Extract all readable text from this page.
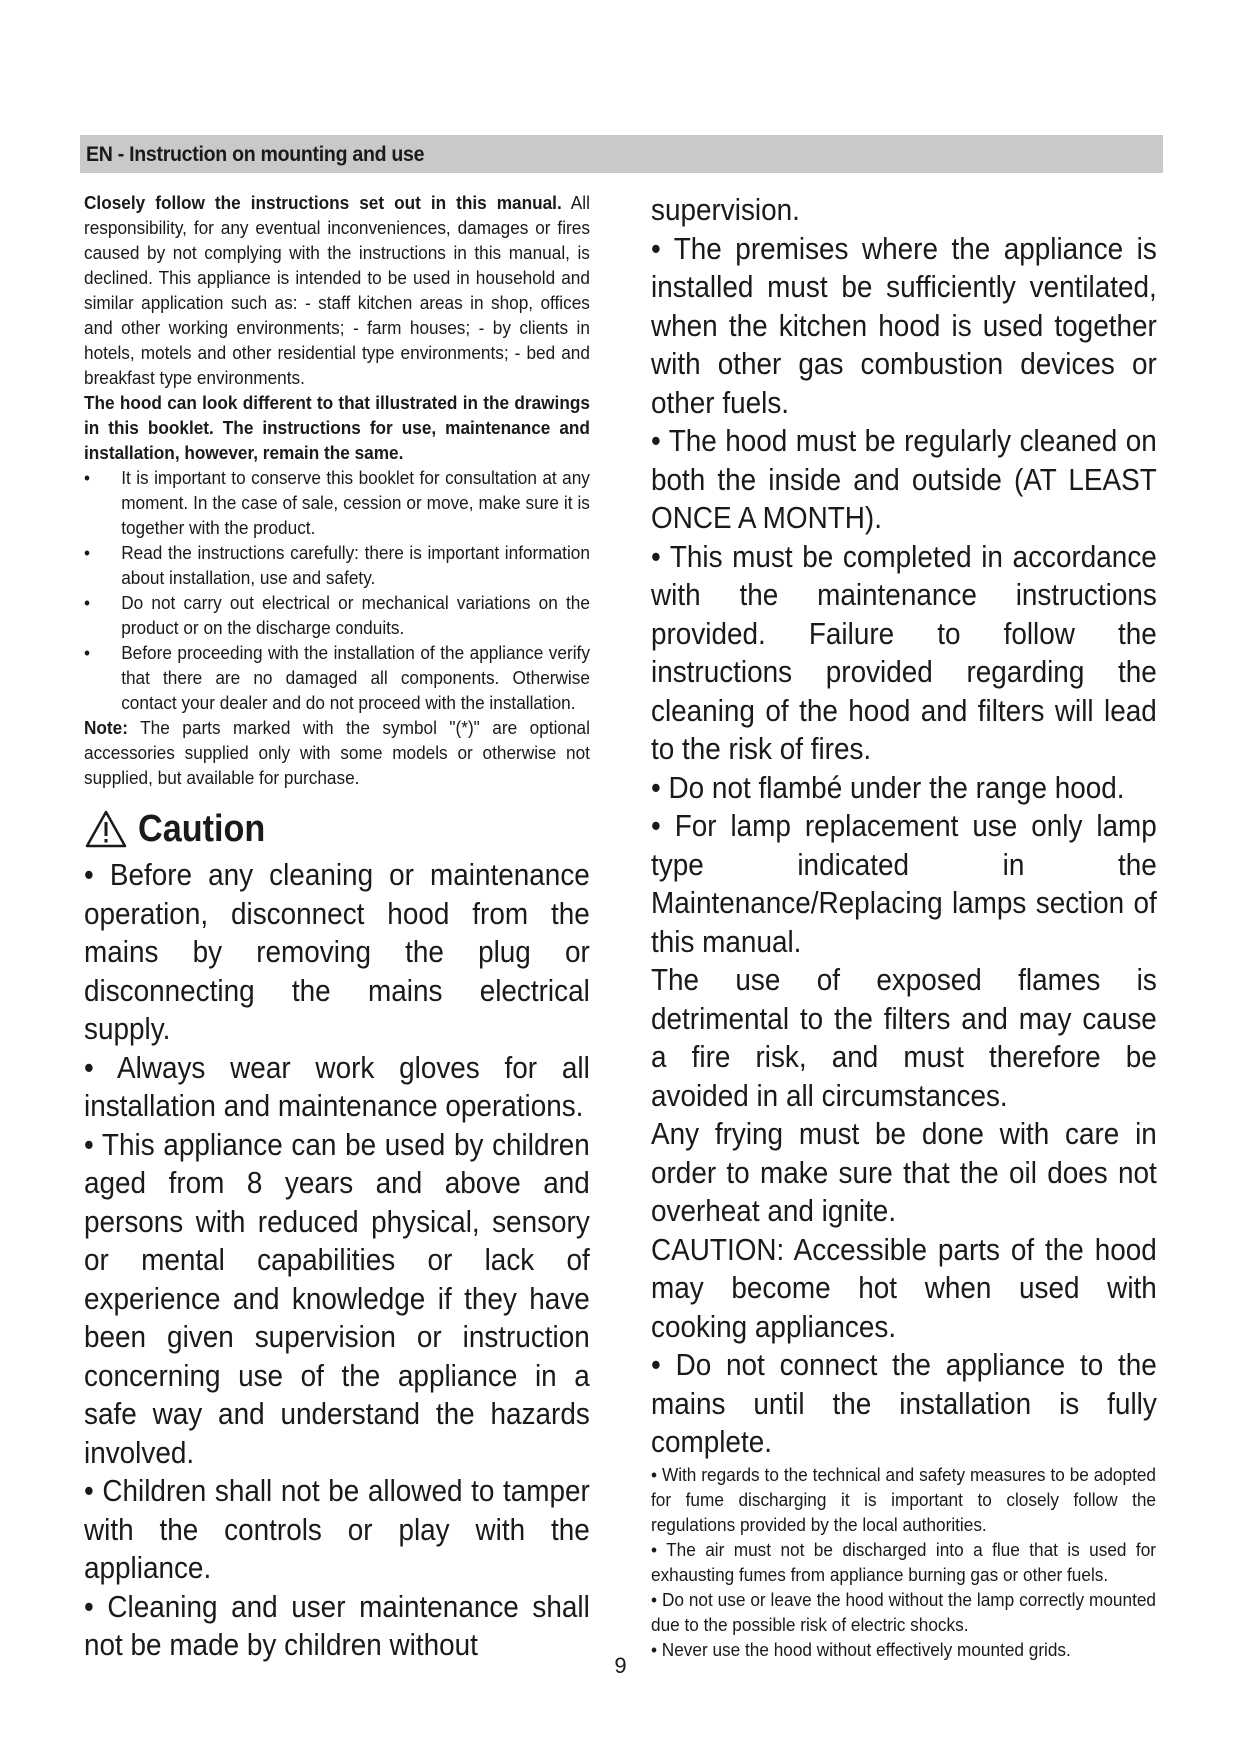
EN - Instruction on mounting and use

Closely follow the instructions set out in this manual. All responsibility, for any eventual inconveniences, damages or fires caused by not complying with the instructions in this manual, is declined. This appliance is intended to be used in household and similar application such as: - staff kitchen areas in shop, offices and other working environments; - farm houses; - by clients in hotels, motels and other residential type environments; - bed and breakfast type environments.

The hood can look different to that illustrated in the drawings in this booklet. The instructions for use, maintenance and installation, however, remain the same.

• It is important to conserve this booklet for consultation at any moment. In the case of sale, cession or move, make sure it is together with the product.
• Read the instructions carefully: there is important information about installation, use and safety.
• Do not carry out electrical or mechanical variations on the product or on the discharge conduits.
• Before proceeding with the installation of the appliance verify that there are no damaged all components. Otherwise contact your dealer and do not proceed with the installation.

Note: The parts marked with the symbol "(*)" are optional accessories supplied only with some models or otherwise not supplied, but available for purchase.

Caution

• Before any cleaning or maintenance operation, disconnect hood from the mains by removing the plug or disconnecting the mains electrical supply.

• Always wear work gloves for all installation and maintenance operations.

• This appliance can be used by children aged from 8 years and above and persons with reduced physical, sensory or mental capabilities or lack of experience and knowledge if they have been given supervision or instruction concerning use of the appliance in a safe way and understand the hazards involved.

• Children shall not be allowed to tamper with the controls or play with the appliance.

• Cleaning and user maintenance shall not be made by children without

supervision.

• The premises where the appliance is installed must be sufficiently ventilated, when the kitchen hood is used together with other gas combustion devices or other fuels.

• The hood must be regularly cleaned on both the inside and outside (AT LEAST ONCE A MONTH).

• This must be completed in accordance with the maintenance instructions provided. Failure to follow the instructions provided regarding the cleaning of the hood and filters will lead to the risk of fires.

• Do not flambé under the range hood.

• For lamp replacement use only lamp type indicated in the Maintenance/Replacing lamps section of this manual.

The use of exposed flames is detrimental to the filters and may cause a fire risk, and must therefore be avoided in all circumstances.

Any frying must be done with care in order to make sure that the oil does not overheat and ignite.

CAUTION: Accessible parts of the hood may become hot when used with cooking appliances.

• Do not connect the appliance to the mains until the installation is fully complete.

• With regards to the technical and safety measures to be adopted for fume discharging it is important to closely follow the regulations provided by the local authorities.

• The air must not be discharged into a flue that is used for exhausting fumes from appliance burning gas or other fuels.

• Do not use or leave the hood without the lamp correctly mounted due to the possible risk of electric shocks.

• Never use the hood without effectively mounted grids.

9
